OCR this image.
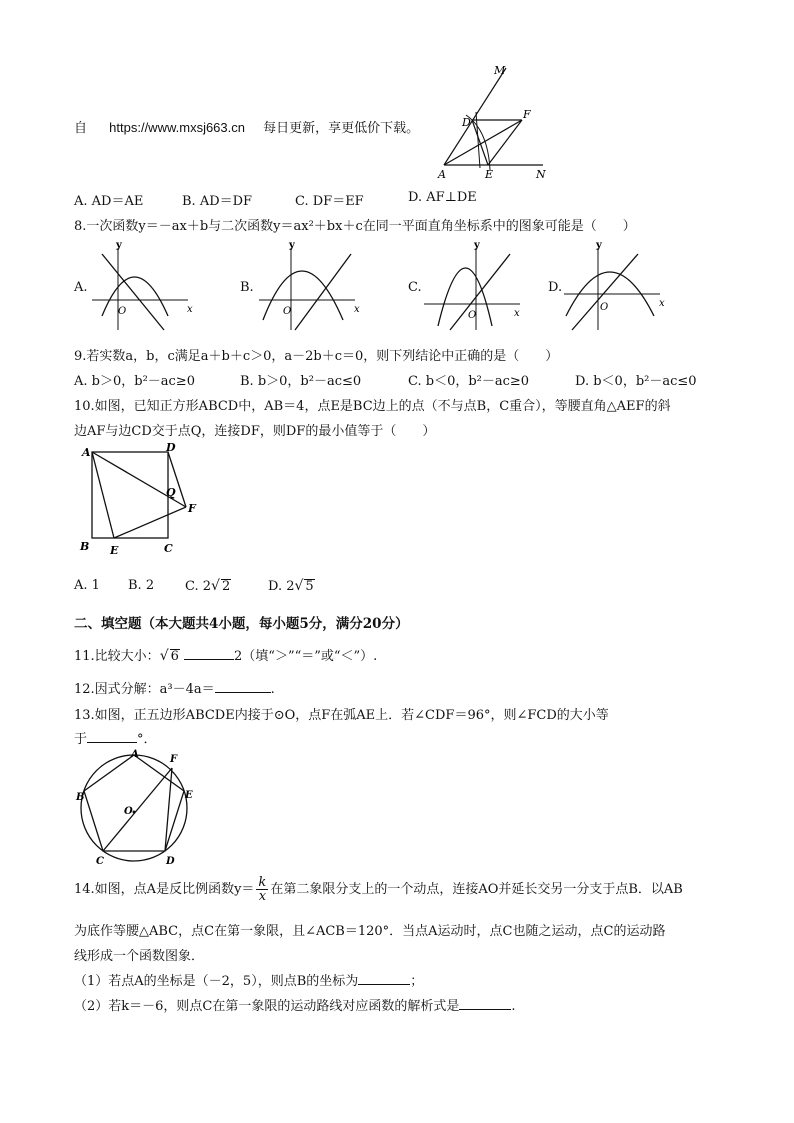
自 https://www.mxsj663.cn 每日更新，享更低价下载。
M
D
F
A	E	N
A. AD＝AE	B. AD＝DF	C. DF＝EF	D. AF⊥DE
8.一次函数y＝－ax＋b与二次函数y＝ax²＋bx＋c在同一平面直角坐标系中的图象可能是（　　）
A.	B.	C.	D.
y
x
O
y
x
O
y
x
O
y
x
O
9.若实数a，b，c满足a＋b＋c＞0，a－2b＋c＝0，则下列结论中正确的是（　　）
A. b＞0，b²－ac≥0	B. b＞0，b²－ac≤0	C. b＜0，b²－ac≥0	D. b＜0，b²－ac≤0
10.如图，已知正方形ABCD中，AB＝4，点E是BC边上的点（不与点B，C重合），等腰直角△AEF的斜
边AF与边CD交于点Q，连接DF，则DF的最小值等于（　　）
A	D
Q
F
B E	C
A. 1 B. 2 C. 2√ 2	D. 2√ 5
二、填空题（本大题共4小题，每小题5分，满分20分）
11.比较大小：√ 6	2（填“＞”“＝”或“＜”）.
12.因式分解：a³－4a＝	.
13.如图，正五边形ABCDE内接于⊙O，点F在弧AE上．若∠CDF＝96°，则∠FCD的大小等
于	°．
A	F
B	E
O
C	D
14.如图，点A是反比例函数$y= \frac{k}{x}$ 在第二象限分支上的一个动点，连接AO并延长交另一分支于点B．以AB
为底作等腰△ABC，点C在第一象限，且∠ACB＝120°．当点A运动时，点C也随之运动，点C的运动路
线形成一个函数图象．
（1）若点A的坐标是（－2，5），则点B的坐标为	；
（2）若k＝－6，则点C在第一象限的运动路线对应函数的解析式是	.
